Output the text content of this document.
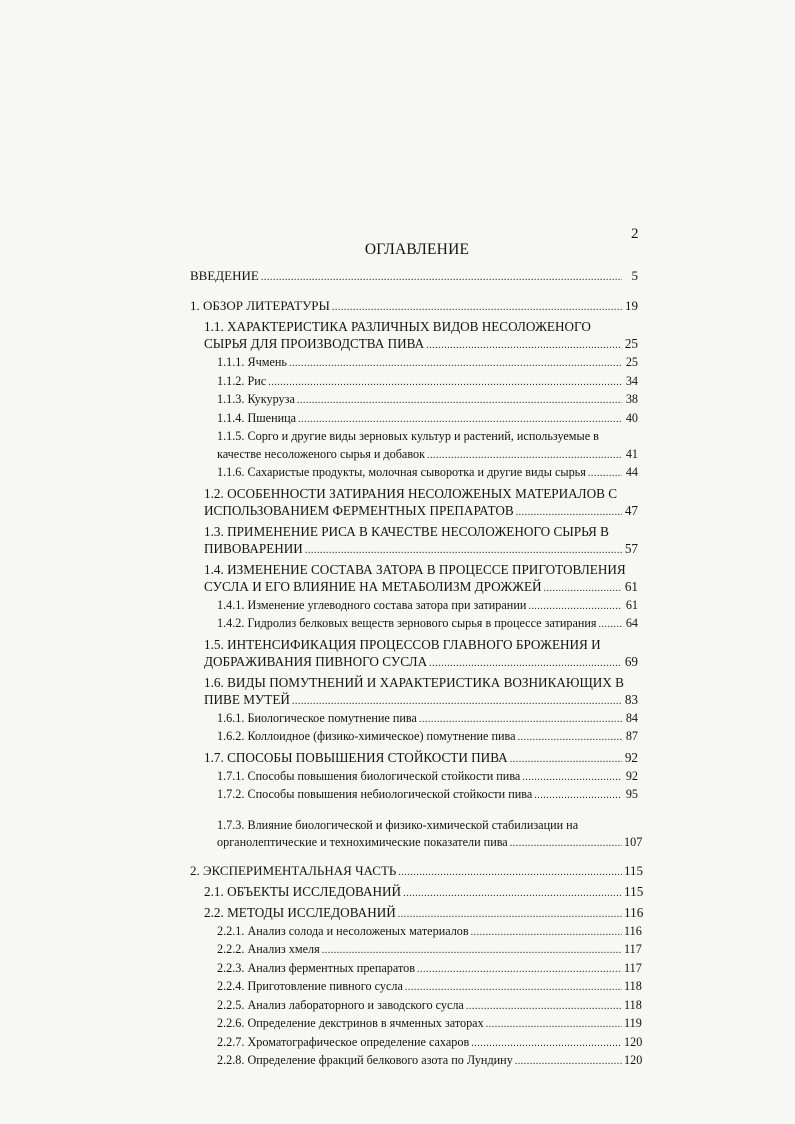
2
ОГЛАВЛЕНИЕ
ВВЕДЕНИЕ .....	5
1. ОБЗОР ЛИТЕРАТУРЫ .....	19
1.1. ХАРАКТЕРИСТИКА РАЗЛИЧНЫХ ВИДОВ НЕСОЛОЖЕНОГО
СЫРЬЯ ДЛЯ ПРОИЗВОДСТВА ПИВА .....	25
1.1.1. Ячмень .....	25
1.1.2. Рис .....	34
1.1.3. Кукуруза .....	38
1.1.4. Пшеница .....	40
1.1.5. Сорго и другие виды зерновых культур и растений, используемые в
качестве несоложеного сырья и добавок .....	41
1.1.6. Сахаристые продукты, молочная сыворотка и другие виды сырья .....	44
1.2. ОСОБЕННОСТИ ЗАТИРАНИЯ НЕСОЛОЖЕНЫХ МАТЕРИАЛОВ С
ИСПОЛЬЗОВАНИЕМ ФЕРМЕНТНЫХ ПРЕПАРАТОВ .....	47
1.3. ПРИМЕНЕНИЕ РИСА В КАЧЕСТВЕ НЕСОЛОЖЕНОГО СЫРЬЯ В
ПИВОВАРЕНИИ .....	57
1.4. ИЗМЕНЕНИЕ СОСТАВА ЗАТОРА В ПРОЦЕССЕ ПРИГОТОВЛЕНИЯ
СУСЛА И ЕГО ВЛИЯНИЕ НА МЕТАБОЛИЗМ ДРОЖЖЕЙ .....	61
1.4.1. Изменение углеводного состава затора при затирании .....	61
1.4.2. Гидролиз белковых веществ зернового сырья в процессе затирания ..... 64
1.5. ИНТЕНСИФИКАЦИЯ ПРОЦЕССОВ ГЛАВНОГО БРОЖЕНИЯ И
ДОБРАЖИВАНИЯ ПИВНОГО СУСЛА .....	69
1.6. ВИДЫ ПОМУТНЕНИЙ И ХАРАКТЕРИСТИКА ВОЗНИКАЮЩИХ В
ПИВЕ МУТЕЙ .....	83
1.6.1. Биологическое помутнение пива .....	84
1.6.2. Коллоидное (физико-химическое) помутнение пива .....	87
1.7. СПОСОБЫ ПОВЫШЕНИЯ СТОЙКОСТИ ПИВА .....	92
1.7.1. Способы повышения биологической стойкости пива .....	92
1.7.2. Способы повышения небиологической стойкости пива .....	95
1.7.3. Влияние биологической и физико-химической стабилизации на
органолептические и технохимические показатели пива .....	107
2. ЭКСПЕРИМЕНТАЛЬНАЯ ЧАСТЬ .....	115
2.1. ОБЪЕКТЫ ИССЛЕДОВАНИЙ .....	115
2.2. МЕТОДЫ ИССЛЕДОВАНИЙ .....	116
2.2.1. Анализ солода и несоложеных материалов .....	116
2.2.2. Анализ хмеля .....	117
2.2.3. Анализ ферментных препаратов .....	117
2.2.4. Приготовление пивного сусла .....	118
2.2.5. Анализ лабораторного и заводского сусла .....	118
2.2.6. Определение декстринов в ячменных заторах .....	119
2.2.7. Хроматографическое определение сахаров .....	120
2.2.8. Определение фракций белкового азота по Лундину .....	120
